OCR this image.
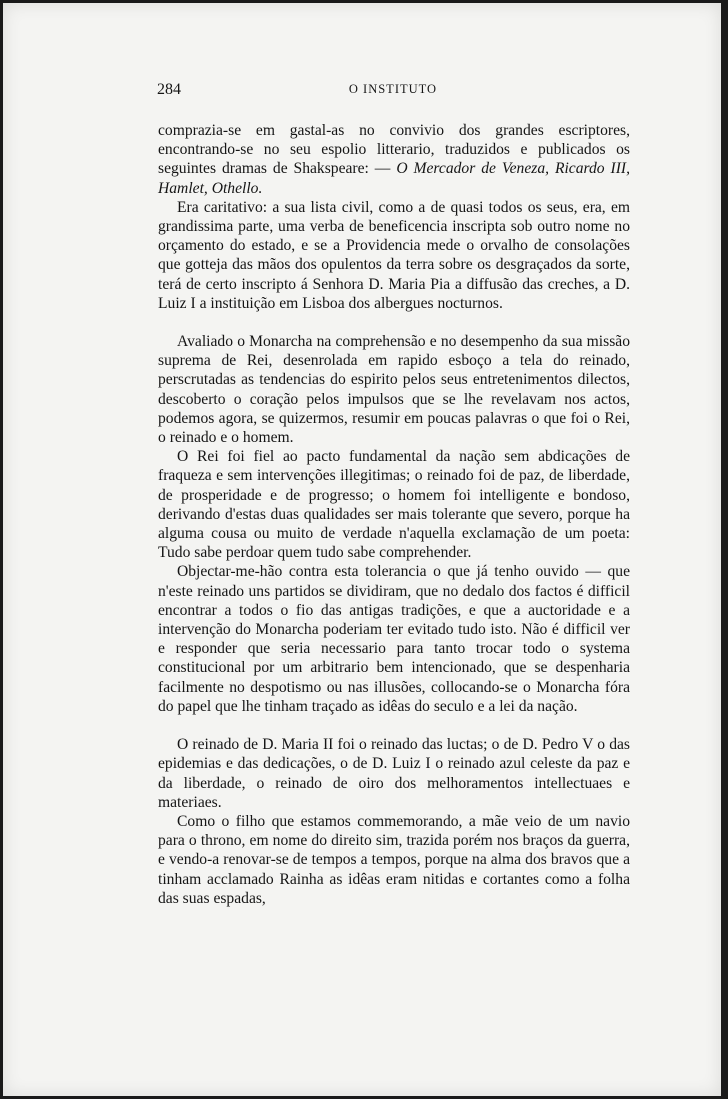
284	O INSTITUTO

comprazia-se em gastal-as no convivio dos grandes escriptores, encontrando-se no seu espolio litterario, traduzidos e publicados os seguintes dramas de Shakspeare: — O Mercador de Veneza, Ricardo III, Hamlet, Othello.

Era caritativo: a sua lista civil, como a de quasi todos os seus, era, em grandissima parte, uma verba de beneficencia inscripta sob outro nome no orçamento do estado, e se a Providencia mede o orvalho de consolações que gotteja das mãos dos opulentos da terra sobre os desgraçados da sorte, terá de certo inscripto á Senhora D. Maria Pia a diffusão das creches, a D. Luiz I a instituição em Lisboa dos albergues nocturnos.

Avaliado o Monarcha na comprehensão e no desempenho da sua missão suprema de Rei, desenrolada em rapido esboço a tela do reinado, perscrutadas as tendencias do espirito pelos seus entretenimentos dilectos, descoberto o coração pelos impulsos que se lhe revelavam nos actos, podemos agora, se quizermos, resumir em poucas palavras o que foi o Rei, o reinado e o homem.

O Rei foi fiel ao pacto fundamental da nação sem abdicações de fraqueza e sem intervenções illegitimas; o reinado foi de paz, de liberdade, de prosperidade e de progresso; o homem foi intelligente e bondoso, derivando d'estas duas qualidades ser mais tolerante que severo, porque ha alguma cousa ou muito de verdade n'aquella exclamação de um poeta: Tudo sabe perdoar quem tudo sabe comprehender.

Objectar-me-hão contra esta tolerancia o que já tenho ouvido — que n'este reinado uns partidos se dividiram, que no dedalo dos factos é difficil encontrar a todos o fio das antigas tradições, e que a auctoridade e a intervenção do Monarcha poderiam ter evitado tudo isto. Não é difficil ver e responder que seria necessario para tanto trocar todo o systema constitucional por um arbitrario bem intencionado, que se despenharia facilmente no despotismo ou nas illusões, collocando-se o Monarcha fóra do papel que lhe tinham traçado as idêas do seculo e a lei da nação.

O reinado de D. Maria II foi o reinado das luctas; o de D. Pedro V o das epidemias e das dedicações, o de D. Luiz I o reinado azul celeste da paz e da liberdade, o reinado de oiro dos melhoramentos intellectuaes e materiaes.

Como o filho que estamos commemorando, a mãe veio de um navio para o throno, em nome do direito sim, trazida porém nos braços da guerra, e vendo-a renovar-se de tempos a tempos, porque na alma dos bravos que a tinham acclamado Rainha as idêas eram nitidas e cortantes como a folha das suas espadas,
